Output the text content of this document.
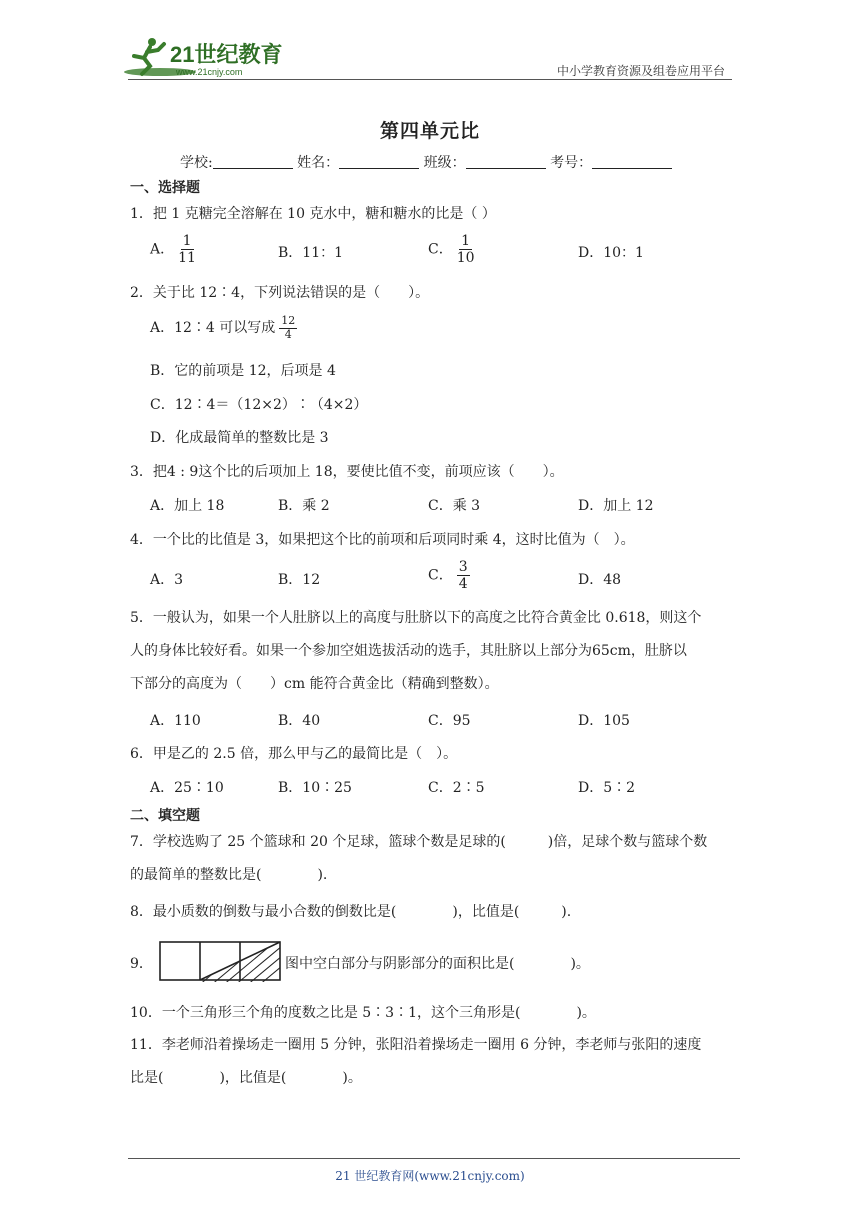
21世纪教育
www.21cnjy.com	中小学教育资源及组卷应用平台
第四单元比
学校:	姓名：	班级：	考号：
一、选择题
1．把 1 克糖完全溶解在 10 克水中，糖和糖水的比是（ ）
A． $\frac{1}{11}$	B．11：1	C． $\frac{1}{10}$	D．10：1
2．关于比 12∶4，下列说法错误的是（　　）。
A．12∶4 可以写成 $\frac{12}{4}$
B．它的前项是 12，后项是 4
C．12∶4＝（12×2）∶（4×2）
D．化成最简单的整数比是 3
3．把4 : 9这个比的后项加上 18，要使比值不变，前项应该（　　）。
A．加上 18	B．乘 2	C．乘 3	D．加上 12
4．一个比的比值是 3，如果把这个比的前项和后项同时乘 4，这时比值为（　）。
A．3	B．12	C． $\frac{3}{4}$	D．48
5．一般认为，如果一个人肚脐以上的高度与肚脐以下的高度之比符合黄金比 0.618，则这个
人的身体比较好看。如果一个参加空姐选拔活动的选手，其肚脐以上部分为65cm，肚脐以
下部分的高度为（　　）cm 能符合黄金比（精确到整数）。
A．110	B．40	C．95	D．105
6．甲是乙的 2.5 倍，那么甲与乙的最简比是（　）。
A．25∶10	B．10∶25	C．2∶5	D．5∶2
二、填空题
7．学校选购了 25 个篮球和 20 个足球，篮球个数是足球的(　　　)倍，足球个数与篮球个数
的最简单的整数比是(　　　　).
8．最小质数的倒数与最小合数的倒数比是(　　　　)，比值是(　　　).
9．	图中空白部分与阴影部分的面积比是(　　　　)。
10．一个三角形三个角的度数之比是 5∶3∶1，这个三角形是(　　　　)。
11．李老师沿着操场走一圈用 5 分钟，张阳沿着操场走一圈用 6 分钟，李老师与张阳的速度
比是(　　　　)，比值是(　　　　)。
21 世纪教育网(www.21cnjy.com)
